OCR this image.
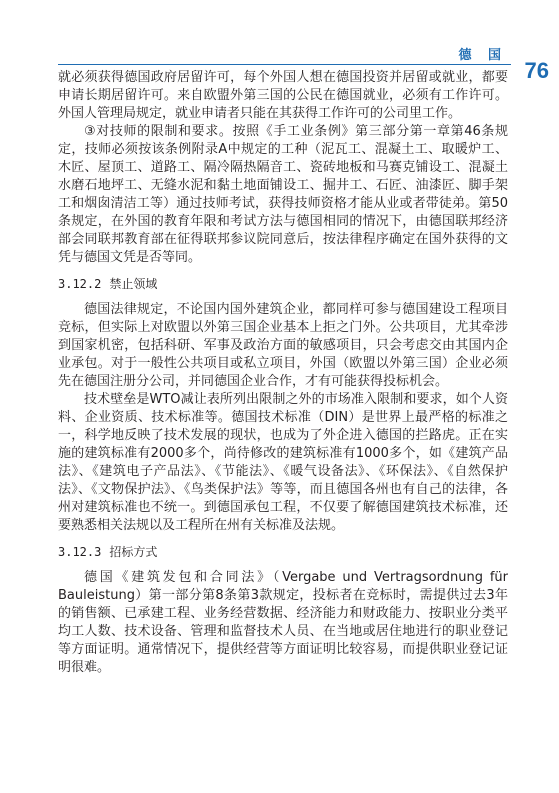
德 国
76

就必须获得德国政府居留许可，每个外国人想在德国投资并居留或就业，都要申请长期居留许可。来自欧盟外第三国的公民在德国就业，必须有工作许可。外国人管理局规定，就业申请者只能在其获得工作许可的公司里工作。

③对技师的限制和要求。按照《手工业条例》第三部分第一章第46条规定，技师必须按该条例附录A中规定的工种（泥瓦工、混凝土工、取暖炉工、木匠、屋顶工、道路工、隔冷隔热隔音工、瓷砖地板和马赛克铺设工、混凝土水磨石地坪工、无缝水泥和黏土地面铺设工、掘井工、石匠、油漆匠、脚手架工和烟囱清洁工等）通过技师考试，获得技师资格才能从业或者带徒弟。第50条规定，在外国的教育年限和考试方法与德国相同的情况下，由德国联邦经济部会同联邦教育部在征得联邦参议院同意后，按法律程序确定在国外获得的文凭与德国文凭是否等同。

3.12.2 禁止领域

德国法律规定，不论国内国外建筑企业，都同样可参与德国建设工程项目竞标，但实际上对欧盟以外第三国企业基本上拒之门外。公共项目，尤其牵涉到国家机密，包括科研、军事及政治方面的敏感项目，只会考虑交由其国内企业承包。对于一般性公共项目或私立项目，外国（欧盟以外第三国）企业必须先在德国注册分公司，并同德国企业合作，才有可能获得投标机会。

技术壁垒是WTO减让表所列出限制之外的市场准入限制和要求，如个人资料、企业资质、技术标准等。德国技术标准（DIN）是世界上最严格的标准之一，科学地反映了技术发展的现状，也成为了外企进入德国的拦路虎。正在实施的建筑标准有2000多个，尚待修改的建筑标准有1000多个，如《建筑产品法》、《建筑电子产品法》、《节能法》、《暖气设备法》、《环保法》、《自然保护法》、《文物保护法》、《鸟类保护法》等等，而且德国各州也有自己的法律，各州对建筑标准也不统一。到德国承包工程，不仅要了解德国建筑技术标准，还要熟悉相关法规以及工程所在州有关标准及法规。

3.12.3 招标方式

德国《建筑发包和合同法》（Vergabe und Vertragsordnung für Bauleistung）第一部分第8条第3款规定，投标者在竞标时，需提供过去3年的销售额、已承建工程、业务经营数据、经济能力和财政能力、按职业分类平均工人数、技术设备、管理和监督技术人员、在当地或居住地进行的职业登记等方面证明。通常情况下，提供经营等方面证明比较容易，而提供职业登记证明很难。
